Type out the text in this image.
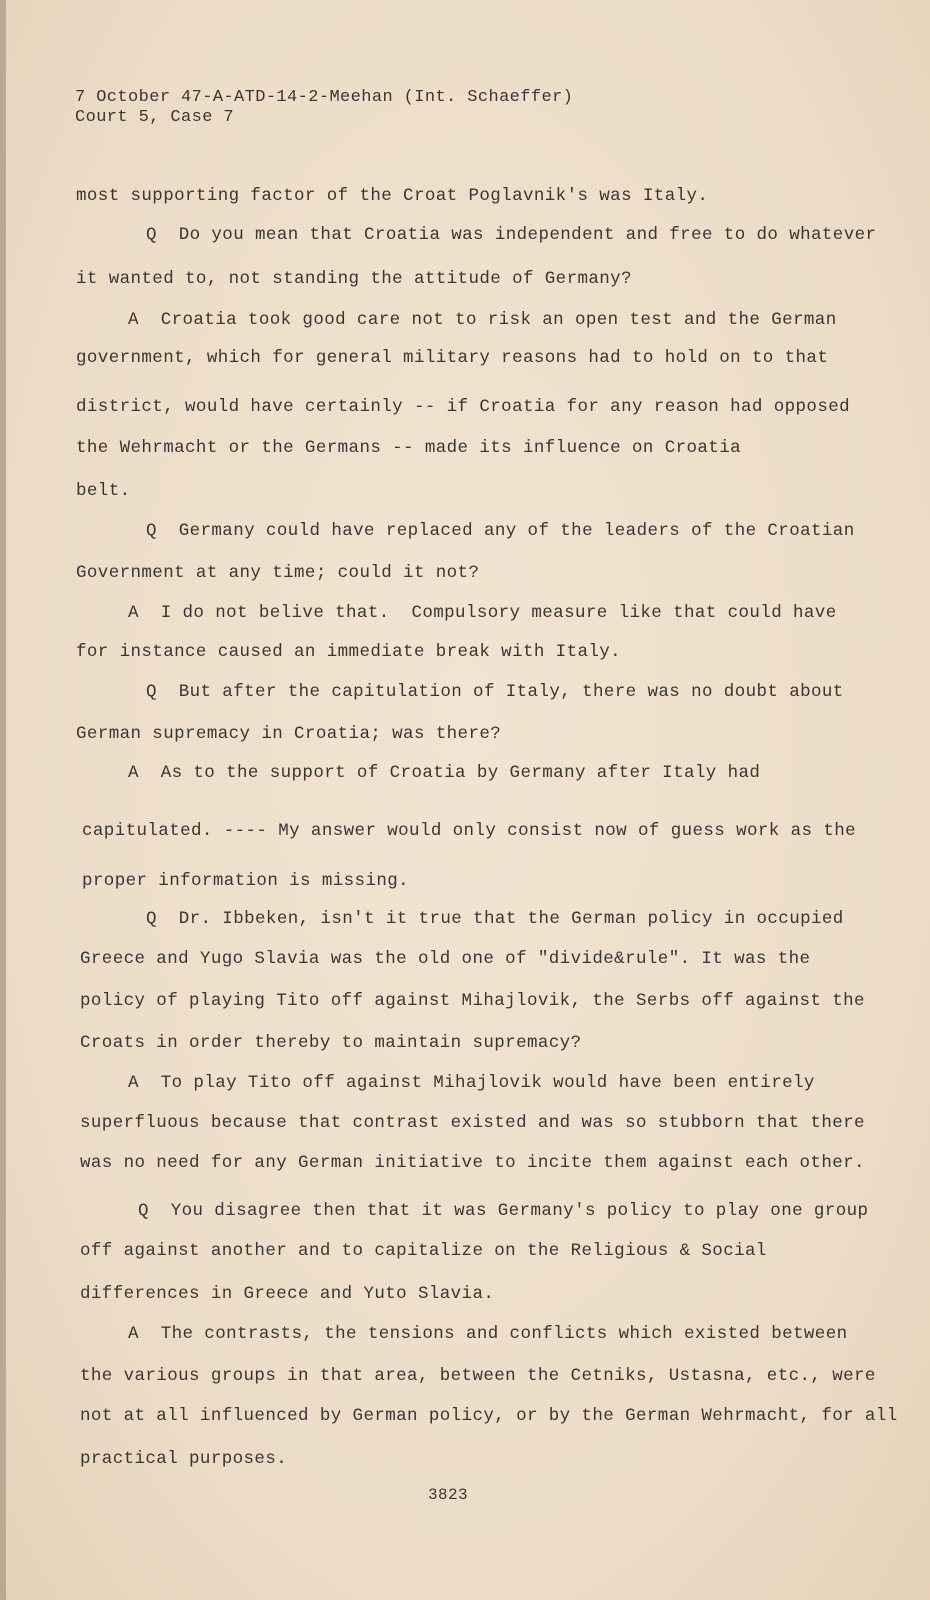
7 October 47-A-ATD-14-2-Meehan (Int. Schaeffer)
Court 5, Case 7
most supporting factor of the Croat Poglavnik's was Italy.
Q  Do you mean that Croatia was independent and free to do whatever
it wanted to, not standing the attitude of Germany?
A  Croatia took good care not to risk an open test and the German
government, which for general military reasons had to hold on to that
district, would have certainly -- if Croatia for any reason had opposed
the Wehrmacht or the Germans -- made its influence on Croatia
belt.
Q  Germany could have replaced any of the leaders of the Croatian
Government at any time; could it not?
A  I do not belive that.  Compulsory measure like that could have
for instance caused an immediate break with Italy.
Q  But after the capitulation of Italy, there was no doubt about
German supremacy in Croatia; was there?
A  As to the support of Croatia by Germany after Italy had
capitulated. ---- My answer would only consist now of guess work as the
proper information is missing.
Q  Dr. Ibbeken, isn't it true that the German policy in occupied
Greece and Yugo Slavia was the old one of "divide&rule". It was the
policy of playing Tito off against Mihajlovik, the Serbs off against the
Croats in order thereby to maintain supremacy?
A  To play Tito off against Mihajlovik would have been entirely
superfluous because that contrast existed and was so stubborn that there
was no need for any German initiative to incite them against each other.
Q  You disagree then that it was Germany's policy to play one group
off against another and to capitalize on the Religious & Social
differences in Greece and Yuto Slavia.
A  The contrasts, the tensions and conflicts which existed between
the various groups in that area, between the Cetniks, Ustasna, etc., were
not at all influenced by German policy, or by the German Wehrmacht, for all
practical purposes.
3823
